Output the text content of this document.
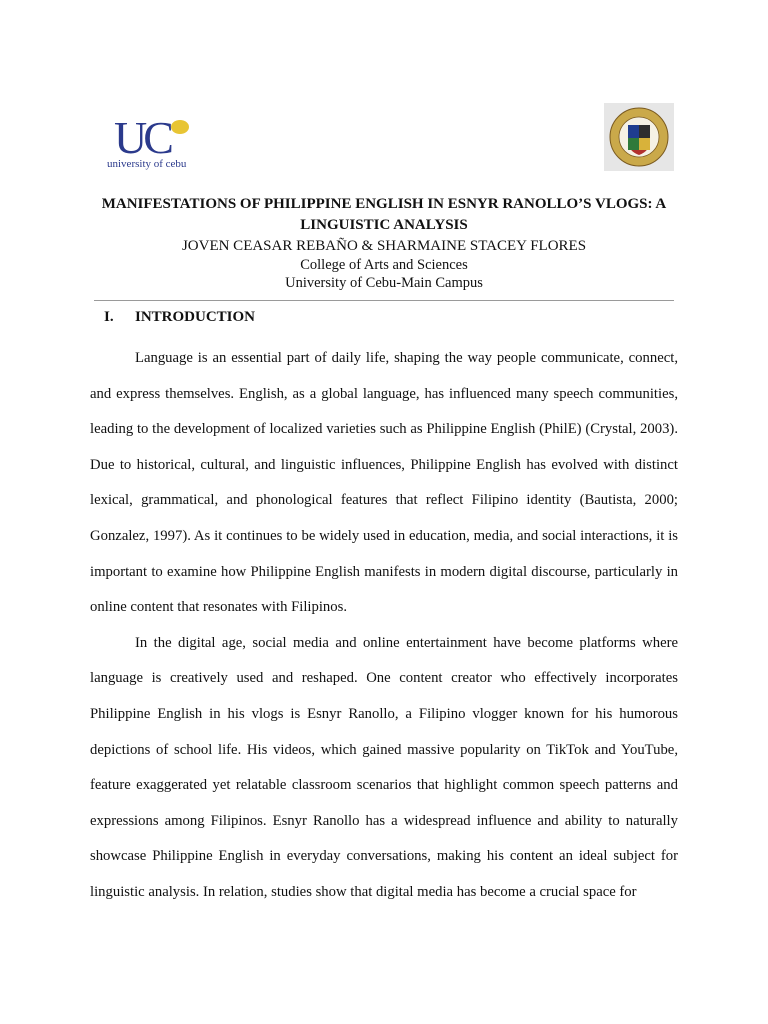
UC
university of cebu
MANIFESTATIONS OF PHILIPPINE ENGLISH IN ESNYR RANOLLO’S VLOGS: A LINGUISTIC ANALYSIS
JOVEN CEASAR REBAÑO & SHARMAINE STACEY FLORES
College of Arts and Sciences
University of Cebu-Main Campus
I.	INTRODUCTION

Language is an essential part of daily life, shaping the way people communicate, connect, and express themselves. English, as a global language, has influenced many speech communities, leading to the development of localized varieties such as Philippine English (PhilE) (Crystal, 2003). Due to historical, cultural, and linguistic influences, Philippine English has evolved with distinct lexical, grammatical, and phonological features that reflect Filipino identity (Bautista, 2000; Gonzalez, 1997). As it continues to be widely used in education, media, and social interactions, it is important to examine how Philippine English manifests in modern digital discourse, particularly in online content that resonates with Filipinos.

In the digital age, social media and online entertainment have become platforms where language is creatively used and reshaped. One content creator who effectively incorporates Philippine English in his vlogs is Esnyr Ranollo, a Filipino vlogger known for his humorous depictions of school life. His videos, which gained massive popularity on TikTok and YouTube, feature exaggerated yet relatable classroom scenarios that highlight common speech patterns and expressions among Filipinos. Esnyr Ranollo has a widespread influence and ability to naturally showcase Philippine English in everyday conversations, making his content an ideal subject for linguistic analysis. In relation, studies show that digital media has become a crucial space for
